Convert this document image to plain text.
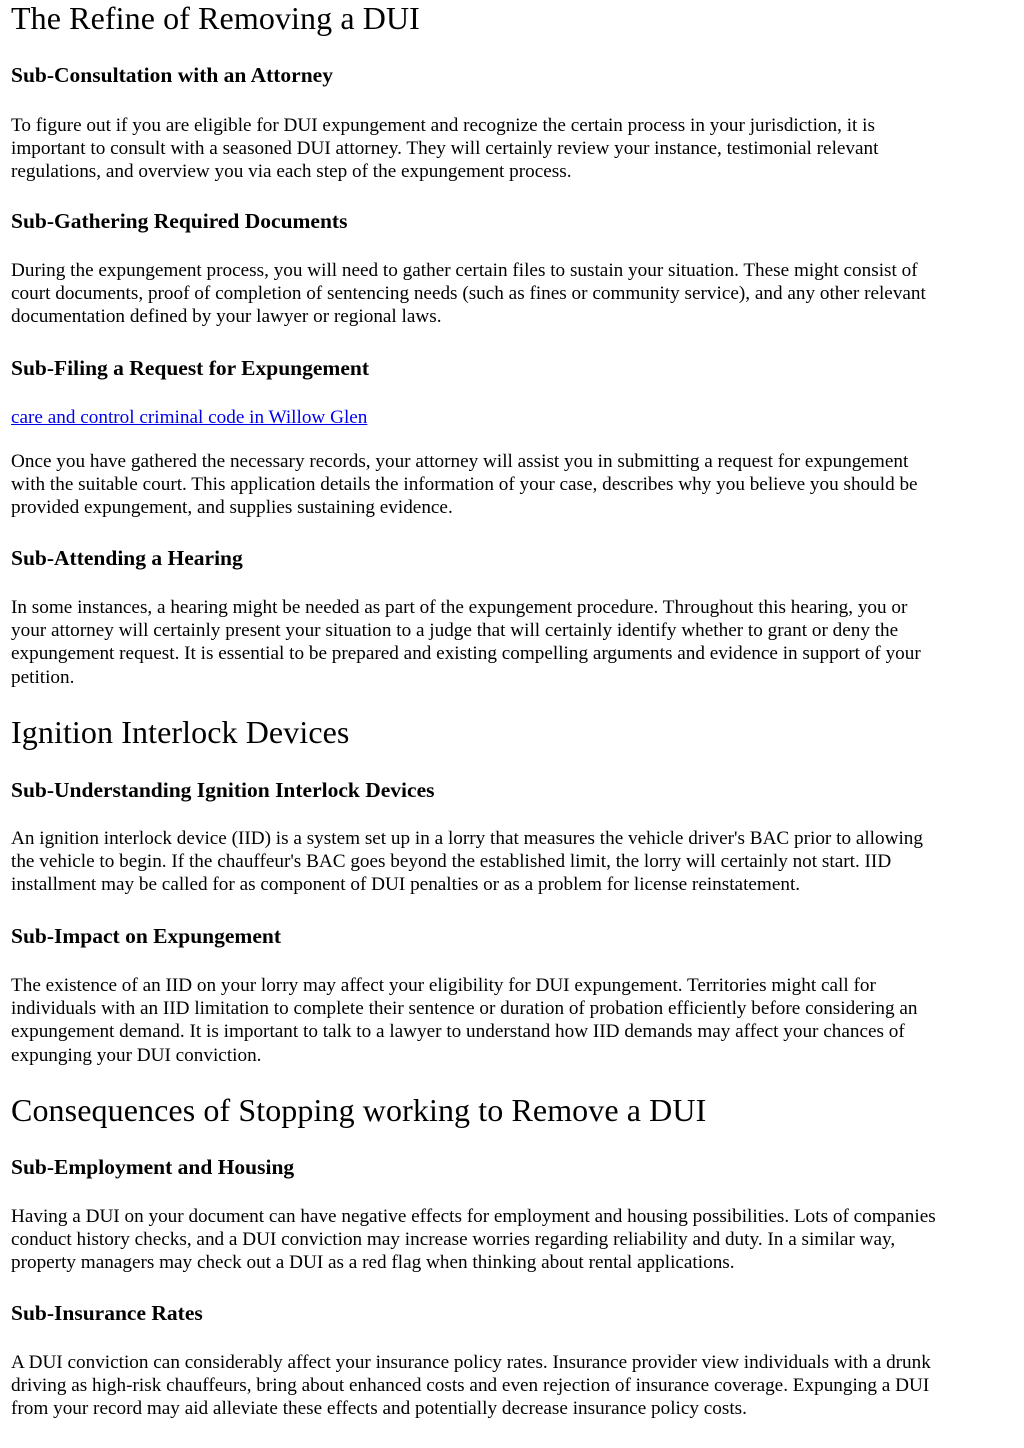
The Refine of Removing a DUI
Sub-Consultation with an Attorney

To figure out if you are eligible for DUI expungement and recognize the certain process in your jurisdiction, it is
important to consult with a seasoned DUI attorney. They will certainly review your instance, testimonial relevant
regulations, and overview you via each step of the expungement process.

Sub-Gathering Required Documents

During the expungement process, you will need to gather certain files to sustain your situation. These might consist of
court documents, proof of completion of sentencing needs (such as fines or community service), and any other relevant
documentation defined by your lawyer or regional laws.

Sub-Filing a Request for Expungement
care and control criminal code in Willow Glen

Once you have gathered the necessary records, your attorney will assist you in submitting a request for expungement
with the suitable court. This application details the information of your case, describes why you believe you should be
provided expungement, and supplies sustaining evidence.

Sub-Attending a Hearing

In some instances, a hearing might be needed as part of the expungement procedure. Throughout this hearing, you or
your attorney will certainly present your situation to a judge that will certainly identify whether to grant or deny the
expungement request. It is essential to be prepared and existing compelling arguments and evidence in support of your
petition.

Ignition Interlock Devices
Sub-Understanding Ignition Interlock Devices

An ignition interlock device (IID) is a system set up in a lorry that measures the vehicle driver's BAC prior to allowing
the vehicle to begin. If the chauffeur's BAC goes beyond the established limit, the lorry will certainly not start. IID
installment may be called for as component of DUI penalties or as a problem for license reinstatement.

Sub-Impact on Expungement

The existence of an IID on your lorry may affect your eligibility for DUI expungement. Territories might call for
individuals with an IID limitation to complete their sentence or duration of probation efficiently before considering an
expungement demand. It is important to talk to a lawyer to understand how IID demands may affect your chances of
expunging your DUI conviction.

Consequences of Stopping working to Remove a DUI
Sub-Employment and Housing

Having a DUI on your document can have negative effects for employment and housing possibilities. Lots of companies
conduct history checks, and a DUI conviction may increase worries regarding reliability and duty. In a similar way,
property managers may check out a DUI as a red flag when thinking about rental applications.

Sub-Insurance Rates

A DUI conviction can considerably affect your insurance policy rates. Insurance provider view individuals with a drunk
driving as high-risk chauffeurs, bring about enhanced costs and even rejection of insurance coverage. Expunging a DUI
from your record may aid alleviate these effects and potentially decrease insurance policy costs.
